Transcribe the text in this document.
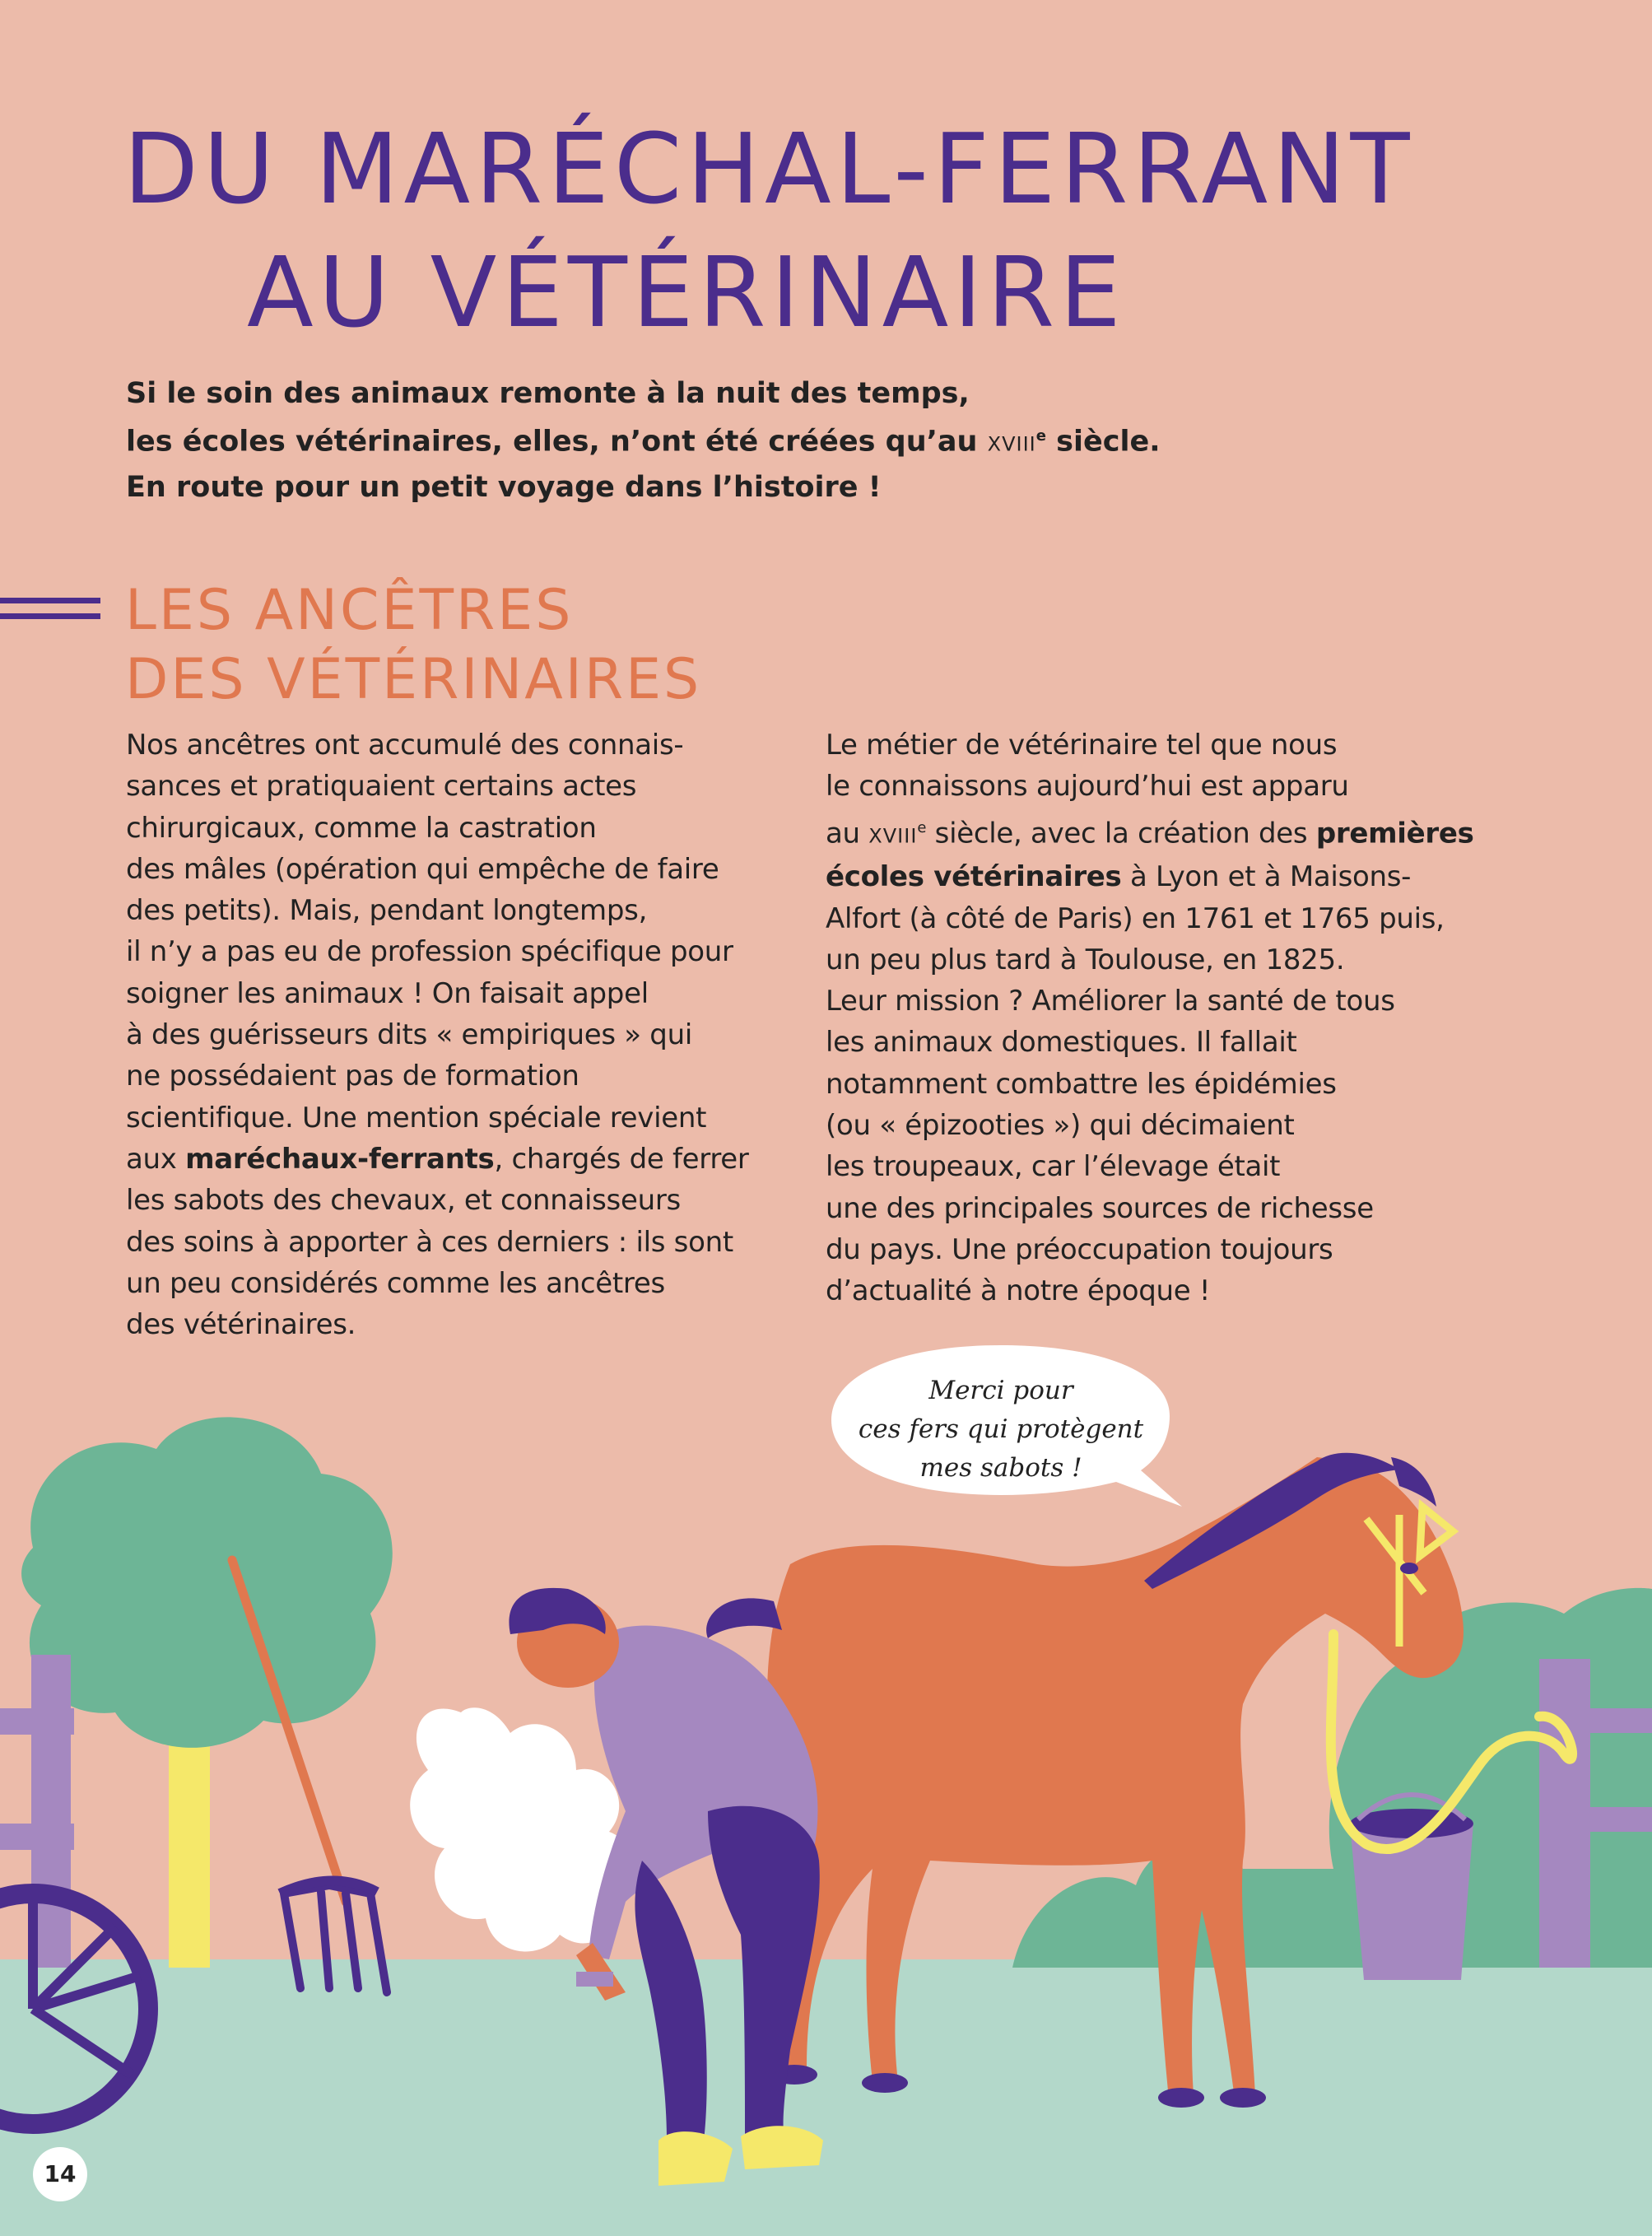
DU MARÉCHAL-FERRANT
AU VÉTÉRINAIRE

Si le soin des animaux remonte à la nuit des temps,
les écoles vétérinaires, elles, n’ont été créées qu’au XVIIIe siècle.
En route pour un petit voyage dans l’histoire !

LES ANCÊTRES
DES VÉTÉRINAIRES
Nos ancêtres ont accumulé des connais-
sances et pratiquaient certains actes
chirurgicaux, comme la castration
des mâles (opération qui empêche de faire
des petits). Mais, pendant longtemps,
il n’y a pas eu de profession spécifique pour
soigner les animaux ! On faisait appel
à des guérisseurs dits « empiriques » qui
ne possédaient pas de formation
scientifique. Une mention spéciale revient
aux maréchaux-ferrants, chargés de ferrer
les sabots des chevaux, et connaisseurs
des soins à apporter à ces derniers : ils sont
un peu considérés comme les ancêtres
des vétérinaires.
Le métier de vétérinaire tel que nous
le connaissons aujourd’hui est apparu
au XVIIIe siècle, avec la création des premières
écoles vétérinaires à Lyon et à Maisons-
Alfort (à côté de Paris) en 1761 et 1765 puis,
un peu plus tard à Toulouse, en 1825.
Leur mission ? Améliorer la santé de tous
les animaux domestiques. Il fallait
notamment combattre les épidémies
(ou « épizooties ») qui décimaient
les troupeaux, car l’élevage était
une des principales sources de richesse
du pays. Une préoccupation toujours
d’actualité à notre époque !
Merci pour
ces fers qui protègent
mes sabots !
14
